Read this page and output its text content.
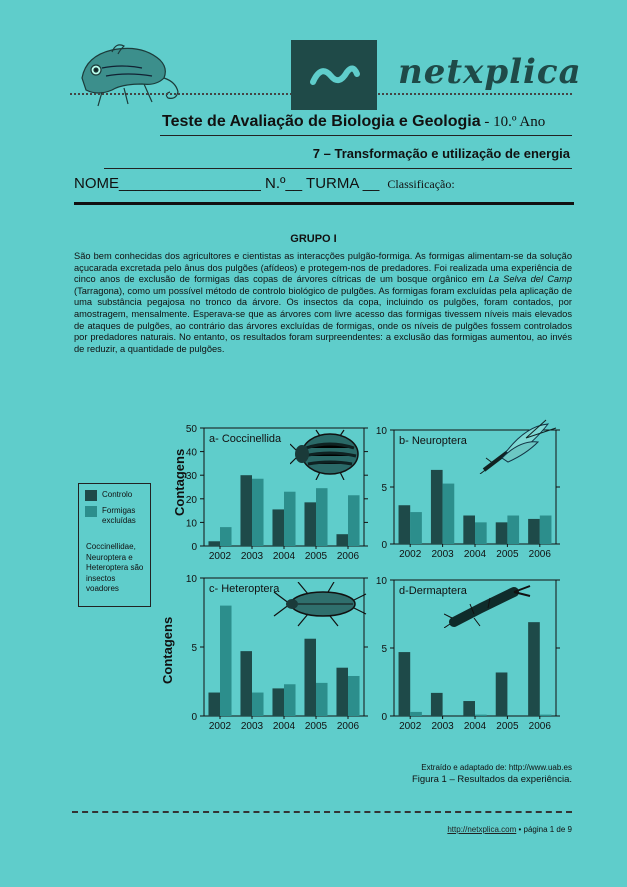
netxplica
Teste de Avaliação de Biologia e Geologia - 10.º Ano
7 – Transformação e utilização de energia
NOME_________________ N.º__ TURMA __ Classificação:
GRUPO I
São bem conhecidas dos agricultores e cientistas as interacções pulgão-formiga. As formigas alimentam-se da solução açucarada excretada pelo ânus dos pulgões (afídeos) e protegem-nos de predadores. Foi realizada uma experiência de cinco anos de exclusão de formigas das copas de árvores cítricas de um bosque orgânico em La Selva del Camp (Tarragona), como um possível método de controlo biológico de pulgões. As formigas foram excluídas pela aplicação de uma substância pegajosa no tronco da árvore. Os insectos da copa, incluindo os pulgões, foram contados, por amostragem, mensalmente. Esperava-se que as árvores com livre acesso das formigas tivessem níveis mais elevados de ataques de pulgões, ao contrário das árvores excluídas de formigas, onde os níveis de pulgões fossem controlados por predadores naturais. No entanto, os resultados foram surpreendentes: a exclusão das formigas aumentou, ao invés de reduzir, a quantidade de pulgões.
0
10
20
30
40
50
2002 2003 2004 2005 2006
a- Coccinellida
0
5
10
2002 2003 2004 2005 2006
b- Neuroptera
0
5
10
2002 2003 2004 2005 2006
c- Heteroptera
0
5
10
2002 2003 2004 2005 2006
d-Dermaptera
Contagens
Contagens
Controlo
Formigas excluídas
Coccinellidae, Neuroptera e Heteroptera são insectos voadores
Extraído e adaptado de: http://www.uab.es
Figura 1 – Resultados da experiência.
http://netxplica.com • página 1 de 9
